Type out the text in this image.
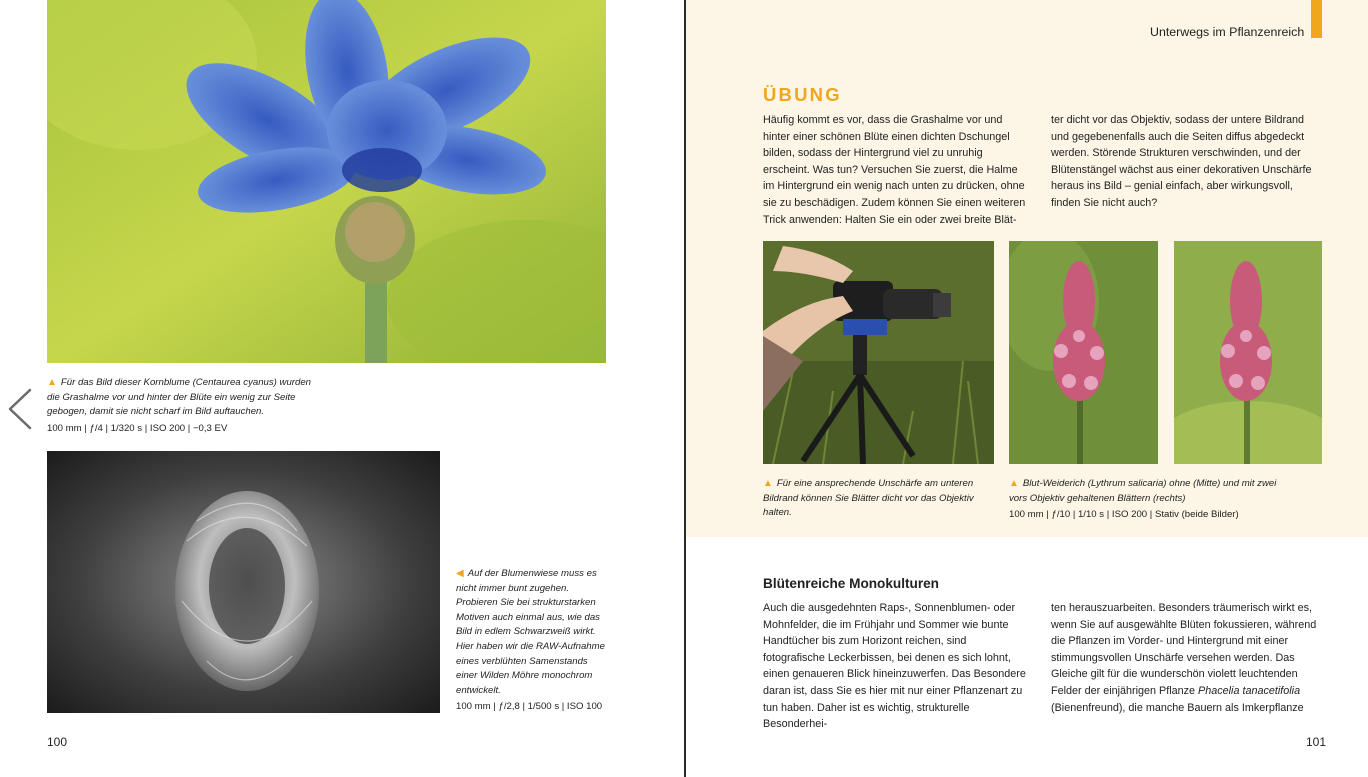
▲ Für das Bild dieser Kornblume (Centaurea cyanus) wurden die Grashalme vor und hinter der Blüte ein wenig zur Seite gebogen, damit sie nicht scharf im Bild auftauchen.
100 mm | ƒ/4 | 1/320 s | ISO 200 | −0,3 EV
◀ Auf der Blumenwiese muss es nicht immer bunt zugehen. Probieren Sie bei strukturstarken Motiven auch einmal aus, wie das Bild in edlem Schwarzweiß wirkt. Hier haben wir die RAW-Aufnahme eines verblühten Samenstands einer Wilden Möhre monochrom entwickelt.
100 mm | ƒ/2,8 | 1/500 s | ISO 100
100
Unterwegs im Pflanzenreich
ÜBUNG
Häufig kommt es vor, dass die Grashalme vor und hinter einer schönen Blüte einen dichten Dschungel bilden, sodass der Hintergrund viel zu unruhig erscheint. Was tun? Versuchen Sie zuerst, die Halme im Hintergrund ein wenig nach unten zu drücken, ohne sie zu beschädigen. Zudem können Sie einen weiteren Trick anwenden: Halten Sie ein oder zwei breite Blät-
ter dicht vor das Objektiv, sodass der untere Bildrand und gegebenenfalls auch die Seiten diffus abgedeckt werden. Störende Strukturen verschwinden, und der Blütenstängel wächst aus einer dekorativen Unschärfe heraus ins Bild – genial einfach, aber wirkungsvoll, finden Sie nicht auch?
▲ Für eine ansprechende Unschärfe am unteren Bildrand können Sie Blätter dicht vor das Objektiv halten.
▲ Blut-Weiderich (Lythrum salicaria) ohne (Mitte) und mit zwei vors Objektiv gehaltenen Blättern (rechts)
100 mm | ƒ/10 | 1/10 s | ISO 200 | Stativ (beide Bilder)
Blütenreiche Monokulturen
Auch die ausgedehnten Raps-, Sonnenblumen- oder Mohnfelder, die im Frühjahr und Sommer wie bunte Handtücher bis zum Horizont reichen, sind fotografische Leckerbissen, bei denen es sich lohnt, einen genaueren Blick hineinzuwerfen. Das Besondere daran ist, dass Sie es hier mit nur einer Pflanzenart zu tun haben. Daher ist es wichtig, strukturelle Besonderhei-
ten herauszuarbeiten. Besonders träumerisch wirkt es, wenn Sie auf ausgewählte Blüten fokussieren, während die Pflanzen im Vorder- und Hintergrund mit einer stimmungsvollen Unschärfe versehen werden. Das Gleiche gilt für die wunderschön violett leuchtenden Felder der einjährigen Pflanze Phacelia tanacetifolia (Bienenfreund), die manche Bauern als Imkerpflanze
101
